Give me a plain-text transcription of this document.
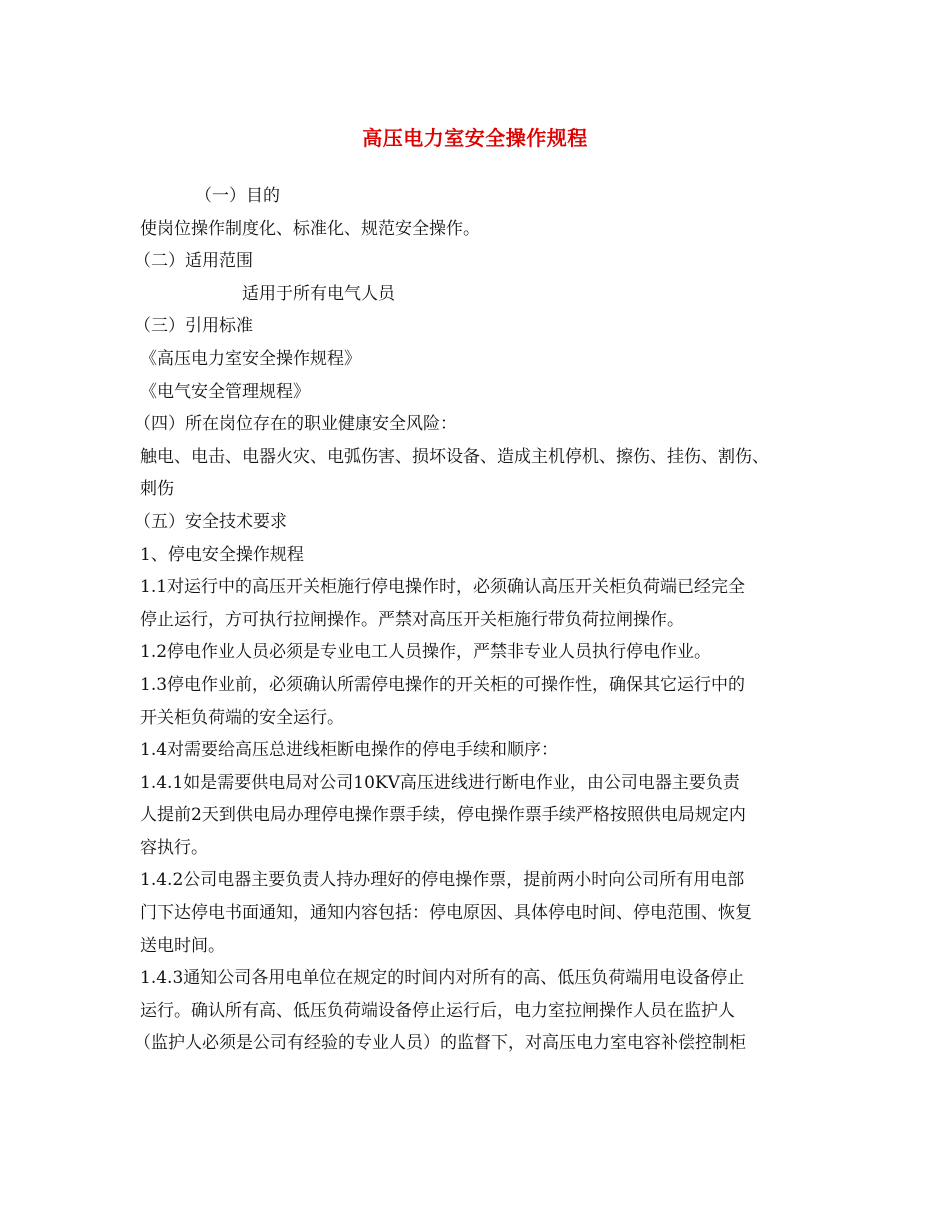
高压电力室安全操作规程
（一）目的
使岗位操作制度化、标准化、规范安全操作。
（二）适用范围
适用于所有电气人员
（三）引用标准
《高压电力室安全操作规程》
《电气安全管理规程》
（四）所在岗位存在的职业健康安全风险：
触电、电击、电器火灾、电弧伤害、损坏设备、造成主机停机、擦伤、挂伤、割伤、
刺伤
（五）安全技术要求
1、停电安全操作规程
1.1对运行中的高压开关柜施行停电操作时，必须确认高压开关柜负荷端已经完全
停止运行，方可执行拉闸操作。严禁对高压开关柜施行带负荷拉闸操作。
1.2停电作业人员必须是专业电工人员操作，严禁非专业人员执行停电作业。
1.3停电作业前，必须确认所需停电操作的开关柜的可操作性，确保其它运行中的
开关柜负荷端的安全运行。
1.4对需要给高压总进线柜断电操作的停电手续和顺序：
1.4.1如是需要供电局对公司10KV高压进线进行断电作业，由公司电器主要负责
人提前2天到供电局办理停电操作票手续，停电操作票手续严格按照供电局规定内
容执行。
1.4.2公司电器主要负责人持办理好的停电操作票，提前两小时向公司所有用电部
门下达停电书面通知，通知内容包括：停电原因、具体停电时间、停电范围、恢复
送电时间。
1.4.3通知公司各用电单位在规定的时间内对所有的高、低压负荷端用电设备停止
运行。确认所有高、低压负荷端设备停止运行后，电力室拉闸操作人员在监护人
（监护人必须是公司有经验的专业人员）的监督下，对高压电力室电容补偿控制柜
